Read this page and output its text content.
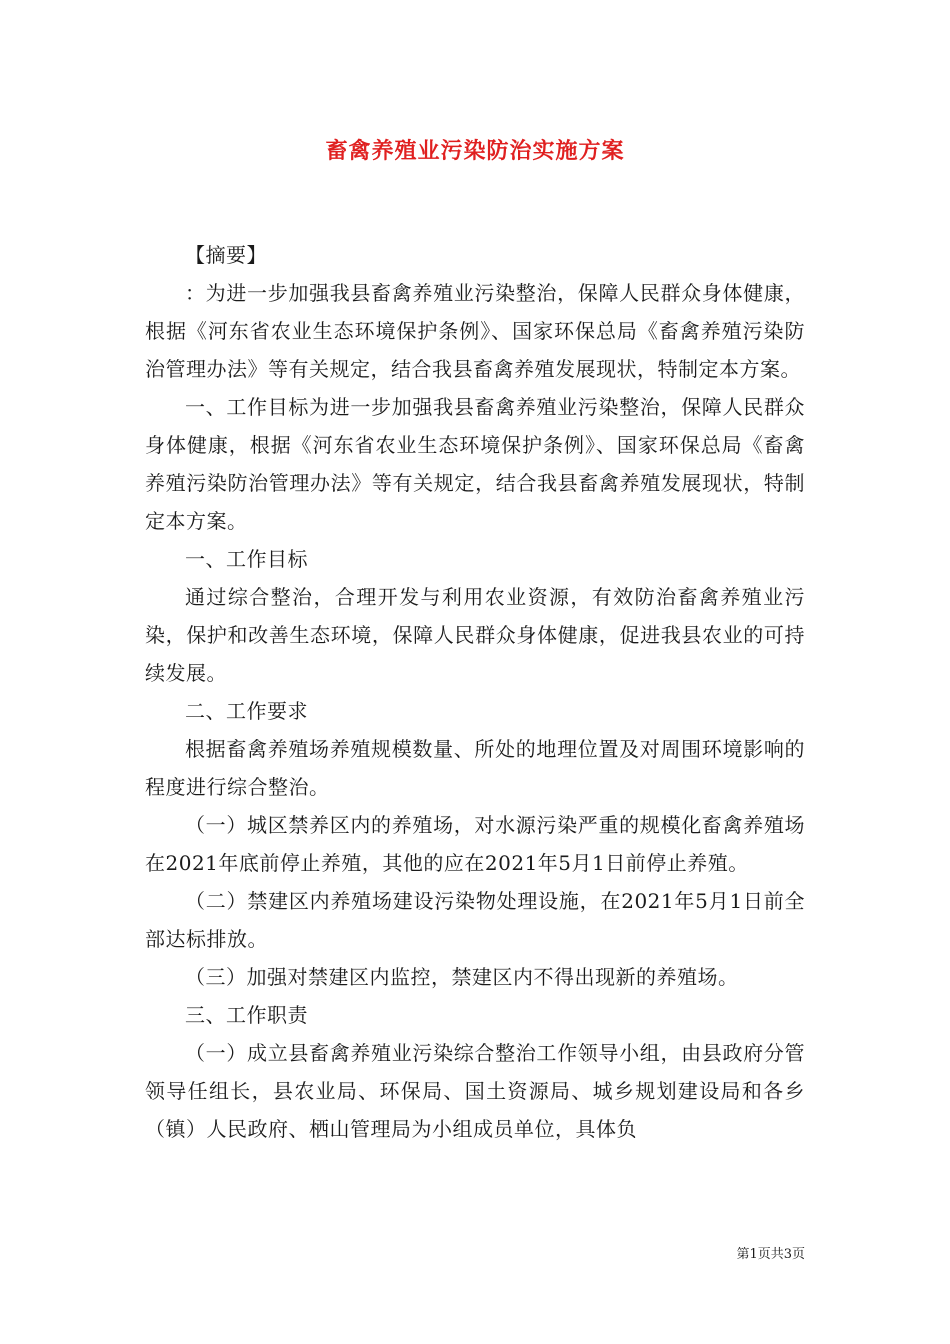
畜禽养殖业污染防治实施方案

【摘要】

：为进一步加强我县畜禽养殖业污染整治，保障人民群众身体健康，根据《河东省农业生态环境保护条例》、国家环保总局《畜禽养殖污染防治管理办法》等有关规定，结合我县畜禽养殖发展现状，特制定本方案。

一、工作目标为进一步加强我县畜禽养殖业污染整治，保障人民群众身体健康，根据《河东省农业生态环境保护条例》、国家环保总局《畜禽养殖污染防治管理办法》等有关规定，结合我县畜禽养殖发展现状，特制定本方案。

一、工作目标

通过综合整治，合理开发与利用农业资源，有效防治畜禽养殖业污染，保护和改善生态环境，保障人民群众身体健康，促进我县农业的可持续发展。

二、工作要求

根据畜禽养殖场养殖规模数量、所处的地理位置及对周围环境影响的程度进行综合整治。

（一）城区禁养区内的养殖场，对水源污染严重的规模化畜禽养殖场在2021年底前停止养殖，其他的应在2021年5月1日前停止养殖。

（二）禁建区内养殖场建设污染物处理设施，在2021年5月1日前全部达标排放。

（三）加强对禁建区内监控，禁建区内不得出现新的养殖场。

三、工作职责

（一）成立县畜禽养殖业污染综合整治工作领导小组，由县政府分管领导任组长，县农业局、环保局、国土资源局、城乡规划建设局和各乡（镇）人民政府、栖山管理局为小组成员单位，具体负

第1页共3页
